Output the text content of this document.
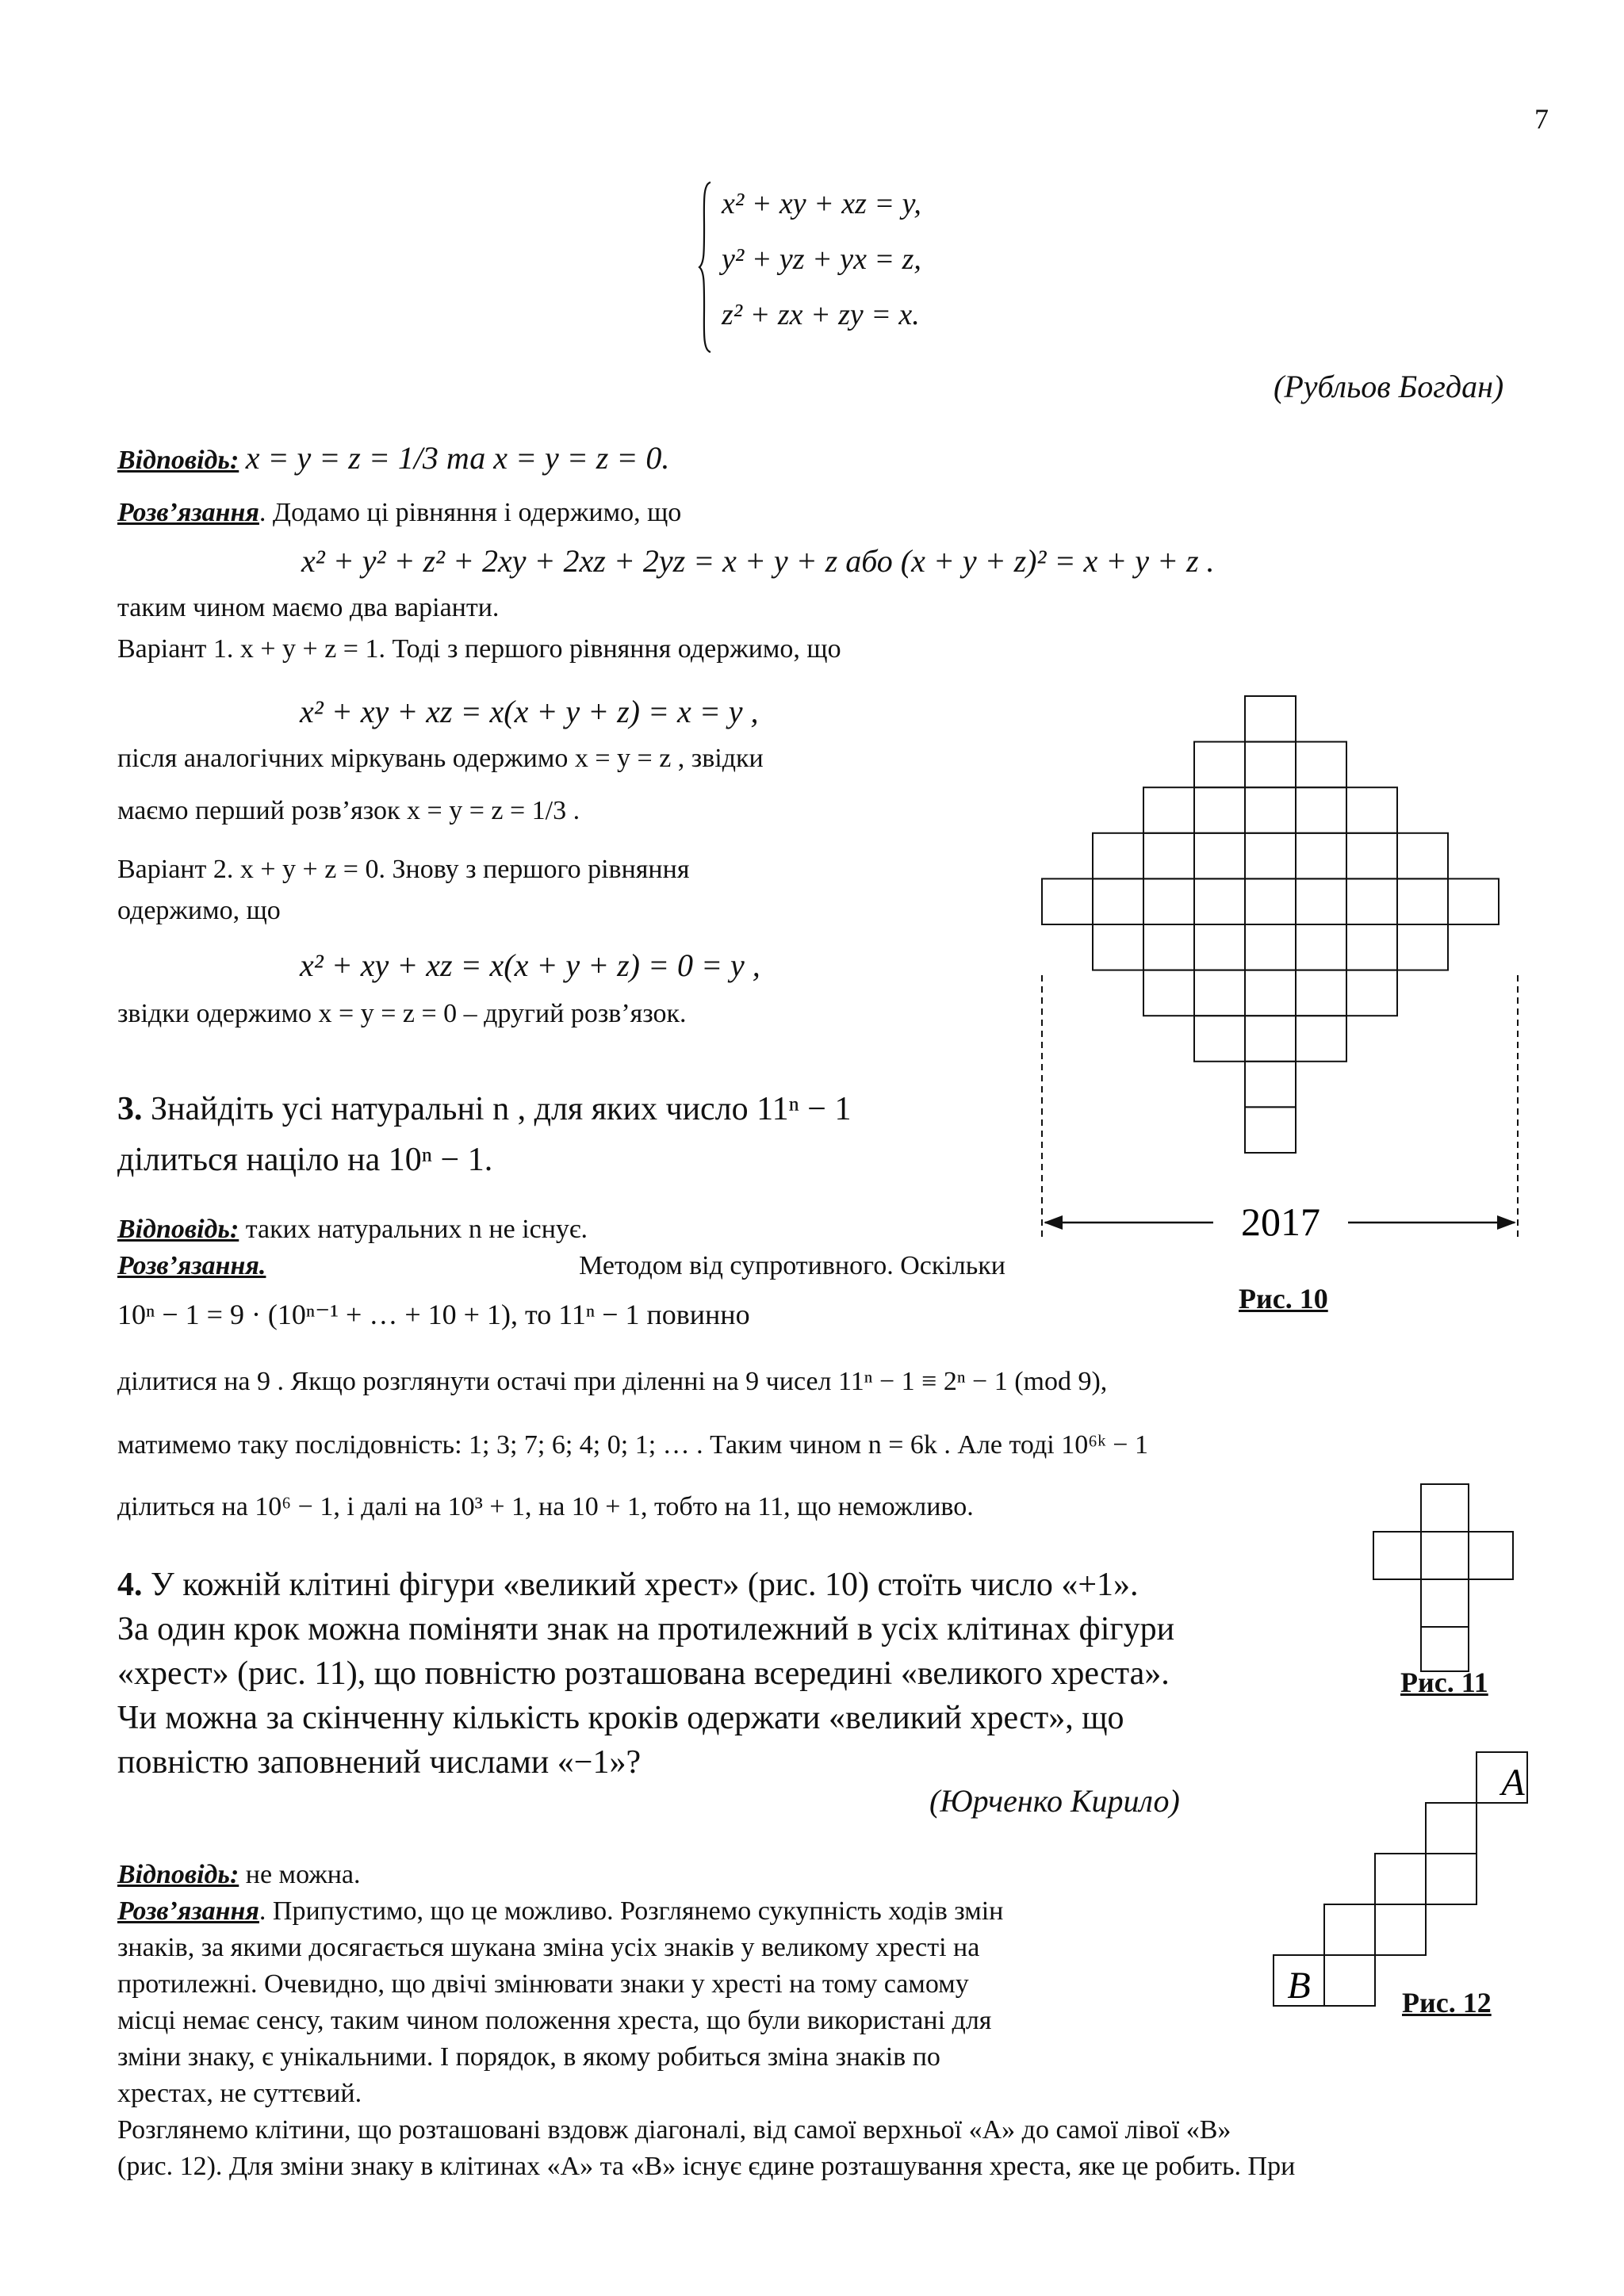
7
x² + xy + xz = y,
y² + yz + yx = z,
z² + zx + zy = x.
(Рубльов Богдан)
Відповідь: x = y = z = 1/3 та x = y = z = 0.
Розв’язання. Додамо ці рівняння і одержимо, що
x² + y² + z² + 2xy + 2xz + 2yz = x + y + z або (x + y + z)² = x + y + z .
таким чином маємо два варіанти.
Варіант 1. x + y + z = 1. Тоді з першого рівняння одержимо, що
x² + xy + xz = x(x + y + z) = x = y ,
після аналогічних міркувань одержимо x = y = z , звідки
маємо перший розв’язок x = y = z = 1/3 .
Варіант 2. x + y + z = 0. Знову з першого рівняння
одержимо, що
x² + xy + xz = x(x + y + z) = 0 = y ,
звідки одержимо x = y = z = 0 – другий розв’язок.
3. Знайдіть усі натуральні n , для яких число 11ⁿ − 1
ділиться націло на 10ⁿ − 1.
Відповідь: таких натуральних n не існує.
Розв’язання.	Методом від супротивного. Оскільки
10ⁿ − 1 = 9 · (10ⁿ⁻¹ + … + 10 + 1), то 11ⁿ − 1 повинно
ділитися на 9 . Якщо розглянути остачі при діленні на 9 чисел 11ⁿ − 1 ≡ 2ⁿ − 1 (mod 9),
матимемо таку послідовність: 1; 3; 7; 6; 4; 0; 1; … . Таким чином n = 6k . Але тоді 10⁶ᵏ − 1
ділиться на 10⁶ − 1, і далі на 10³ + 1, на 10 + 1, тобто на 11, що неможливо.
4. У кожній клітині фігури «великий хрест» (рис. 10) стоїть число «+1».
За один крок можна поміняти знак на протилежний в усіх клітинах фігури
«хрест» (рис. 11), що повністю розташована всередині «великого хреста».
Чи можна за скінченну кількість кроків одержати «великий хрест», що
повністю заповнений числами «−1»?
(Юрченко Кирило)
Відповідь: не можна.
Розв’язання. Припустимо, що це можливо. Розглянемо сукупність ходів змін
знаків, за якими досягається шукана зміна усіх знаків у великому хресті на
протилежні. Очевидно, що двічі змінювати знаки у хресті на тому самому
місці немає сенсу, таким чином положення хреста, що були використані для
зміни знаку, є унікальними. І порядок, в якому робиться зміна знаків по
хрестах, не суттєвий.
Розглянемо клітини, що розташовані вздовж діагоналі, від самої верхньої «А» до самої лівої «В»
(рис. 12). Для зміни знаку в клітинах «А» та «В» існує єдине розташування хреста, яке це робить. При
2017
Рис. 10
Рис. 11
A
B	Рис. 12
